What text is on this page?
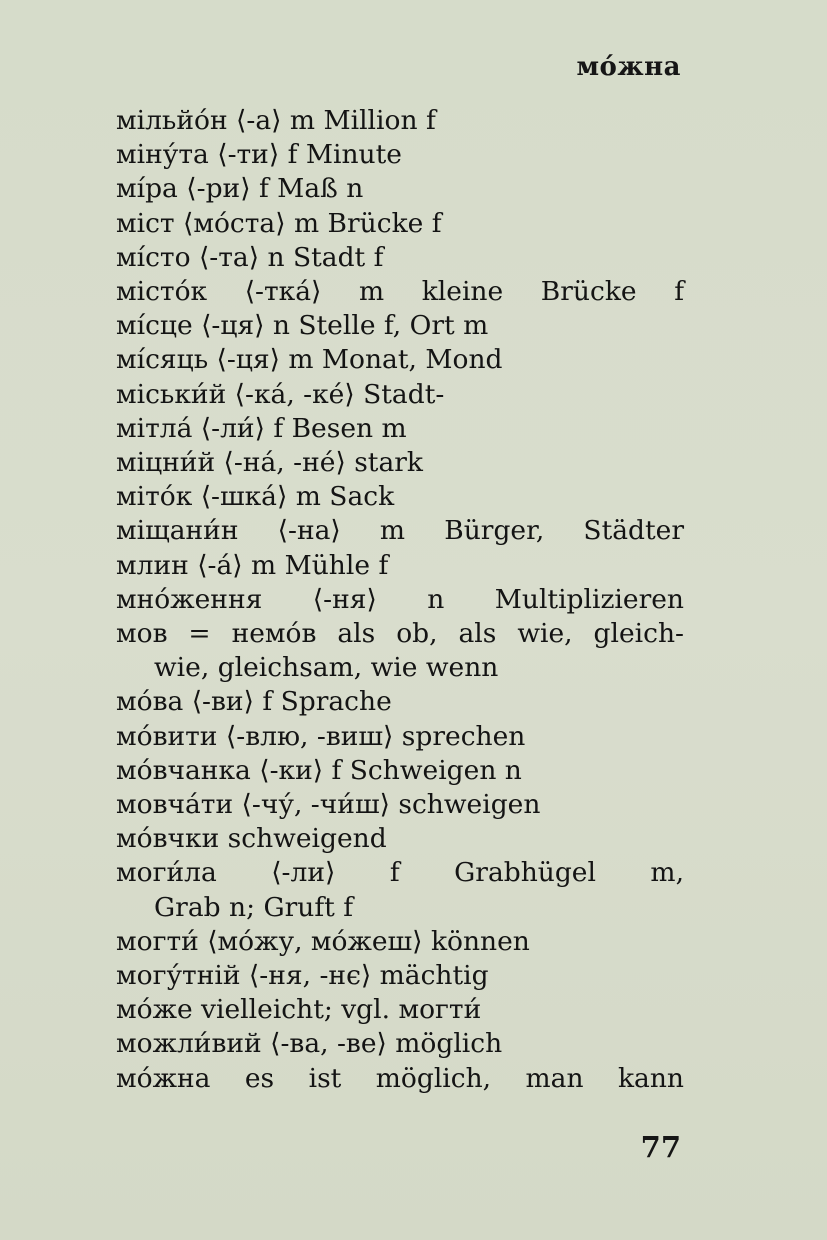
мо́жна
мільйо́н ⟨-а⟩ m Million f
міну́та ⟨-ти⟩ f Minute
мі́ра ⟨-ри⟩ f Maß n
міст ⟨мо́ста⟩ m Brücke f
мі́сто ⟨-та⟩ n Stadt f
місто́к ⟨-тка́⟩ m kleine Brücke f
мі́сце ⟨-ця⟩ n Stelle f, Ort m
мі́сяць ⟨-ця⟩ m Monat, Mond
міськи́й ⟨-ка́, -ке́⟩ Stadt-
мітла́ ⟨-ли́⟩ f Besen m
міцни́й ⟨-на́, -не́⟩ stark
міто́к ⟨-шка́⟩ m Sack
міщани́н ⟨-на⟩ m Bürger, Städter
млин ⟨-а́⟩ m Mühle f
мно́ження ⟨-ня⟩ n Multiplizieren
мов = немо́в als ob, als wie, gleich-
wie, gleichsam, wie wenn
мо́ва ⟨-ви⟩ f Sprache
мо́вити ⟨-влю, -виш⟩ sprechen
мо́вчанка ⟨-ки⟩ f Schweigen n
мовча́ти ⟨-чу́, -чи́ш⟩ schweigen
мо́вчки schweigend
моги́ла ⟨-ли⟩ f Grabhügel m,
Grab n; Gruft f
могти́ ⟨мо́жу, мо́жеш⟩ können
могу́тній ⟨-ня, -нє⟩ mächtig
мо́же vielleicht; vgl. могти́
можли́вий ⟨-ва, -ве⟩ möglich
мо́жна es ist möglich, man kann
77
